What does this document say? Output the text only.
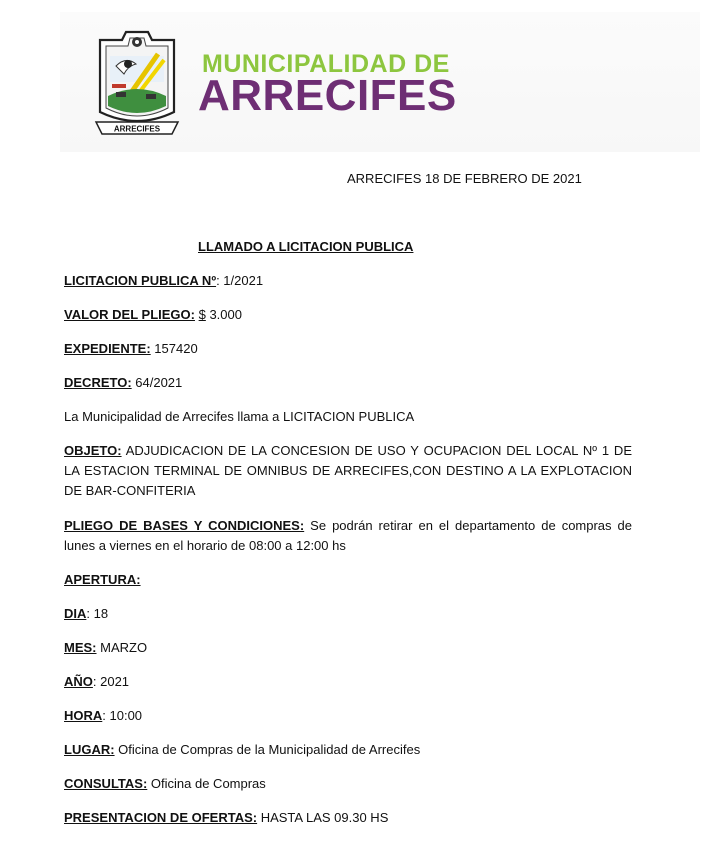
ARRECIFES
MUNICIPALIDAD DE
ARRECIFES
ARRECIFES 18 DE FEBRERO DE 2021
LLAMADO A LICITACION PUBLICA
LICITACION PUBLICA Nº: 1/2021
VALOR DEL PLIEGO: $ 3.000
EXPEDIENTE: 157420
DECRETO: 64/2021
La Municipalidad de Arrecifes llama a LICITACION PUBLICA
OBJETO: ADJUDICACION DE LA CONCESION DE USO Y OCUPACION DEL LOCAL Nº 1 DE LA ESTACION TERMINAL DE OMNIBUS DE ARRECIFES,CON DESTINO A LA EXPLOTACION DE BAR-CONFITERIA
PLIEGO DE BASES Y CONDICIONES: Se podrán retirar en el departamento de compras de lunes a viernes en el horario de 08:00 a 12:00 hs
APERTURA:
DIA: 18
MES: MARZO
AÑO: 2021
HORA: 10:00
LUGAR: Oficina de Compras de la Municipalidad de Arrecifes
CONSULTAS: Oficina de Compras
PRESENTACION DE OFERTAS: HASTA LAS 09.30 HS
